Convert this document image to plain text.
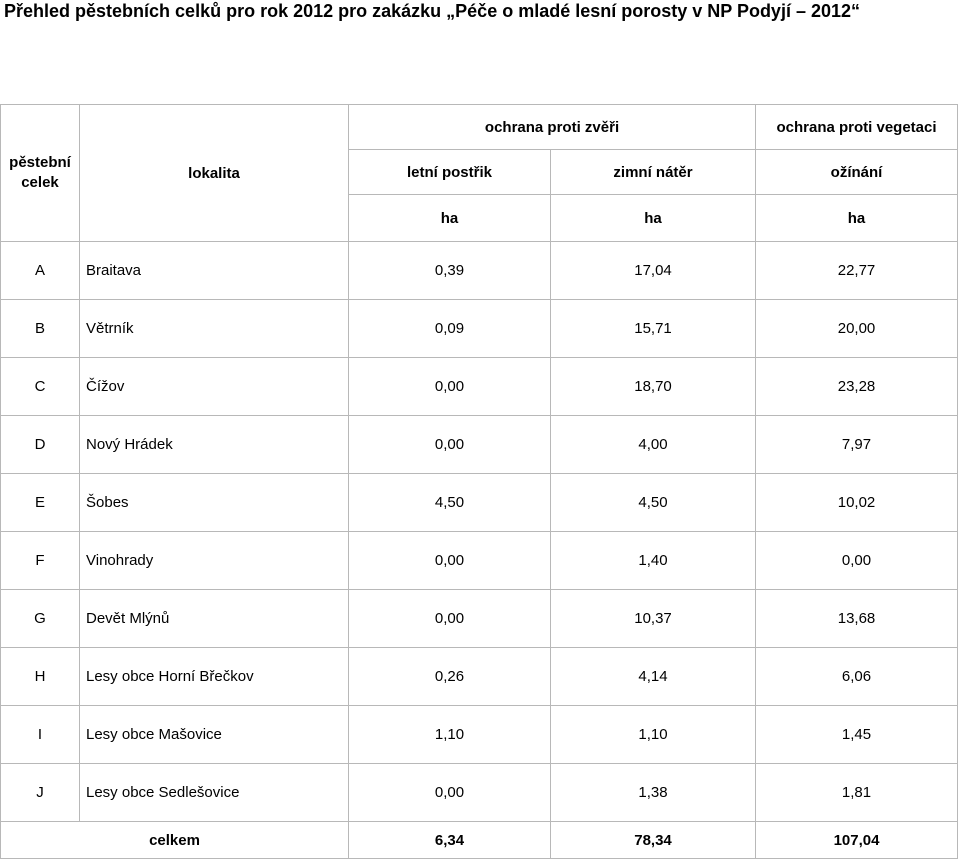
Přehled pěstebních celků pro rok 2012 pro zakázku „Péče o mladé lesní porosty v NP Podyjí – 2012“
pěstební celek	lokalita	ochrana proti zvěři		ochrana proti vegetaci
		letní postřik	zimní nátěr	ožínání
		ha	ha	ha
A	Braitava	0,39	17,04	22,77
B	Větrník	0,09	15,71	20,00
C	Čížov	0,00	18,70	23,28
D	Nový Hrádek	0,00	4,00	7,97
E	Šobes	4,50	4,50	10,02
F	Vinohrady	0,00	1,40	0,00
G	Devět Mlýnů	0,00	10,37	13,68
H	Lesy obce Horní Břečkov	0,26	4,14	6,06
I	Lesy obce Mašovice	1,10	1,10	1,45
J	Lesy obce Sedlešovice	0,00	1,38	1,81
celkem		6,34	78,34	107,04
